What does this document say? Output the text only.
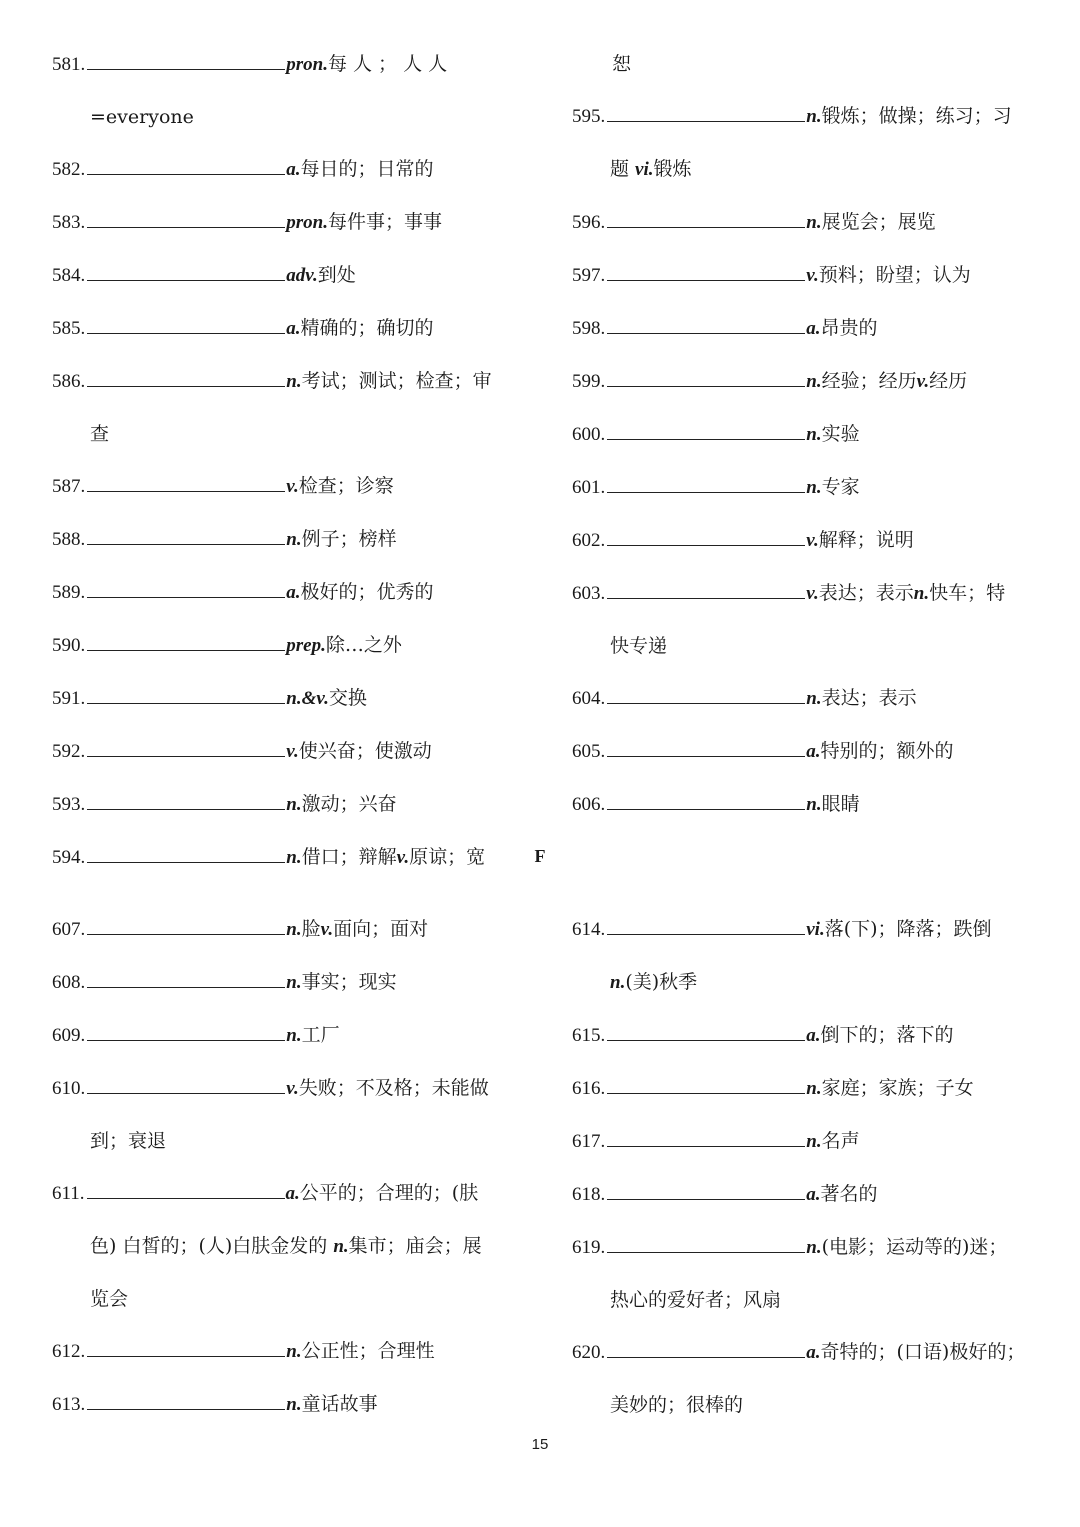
581.	pron. 每 人 ； 人 人
=everyone
582.	a. 每日的；日常的
583.	pron. 每件事；事事
584.	adv. 到处
585.	a. 精确的；确切的
586.	n. 考试；测试；检查；审
查
587.	v. 检查；诊察
588.	n. 例子；榜样
589.	a. 极好的；优秀的
590.	prep. 除…之外
591.	n.&v. 交换
592.	v. 使兴奋；使激动
593.	n. 激动；兴奋
594.	n. 借口；辩解 v. 原谅；宽
恕
595.	n. 锻炼；做操；练习；习
题 vi.锻炼
596.	n. 展览会；展览
597.	v. 预料；盼望；认为
598.	a. 昂贵的
599.	n. 经验；经历 v. 经历
600.	n. 实验
601.	n. 专家
602.	v. 解释；说明
603.	v. 表达；表示 n. 快车；特
快专递
604.	n. 表达；表示
605.	a. 特别的；额外的
606.	n. 眼睛
F
607.	n. 脸 v. 面向；面对
608.	n. 事实；现实
609.	n. 工厂
610.	v. 失败；不及格；未能做
到；衰退
611.	a. 公平的；合理的；(肤
色) 白皙的；(人)白肤金发的 n.集市；庙会；展
览会
612.	n. 公正性；合理性
613.	n. 童话故事
614.	vi. 落(下)；降落；跌倒
n.(美)秋季
615.	a. 倒下的；落下的
616.	n. 家庭；家族；子女
617.	n. 名声
618.	a. 著名的
619.	n. (电影；运动等的)迷；
热心的爱好者；风扇
620.	a. 奇特的；(口语)极好的；
美妙的；很棒的
15
